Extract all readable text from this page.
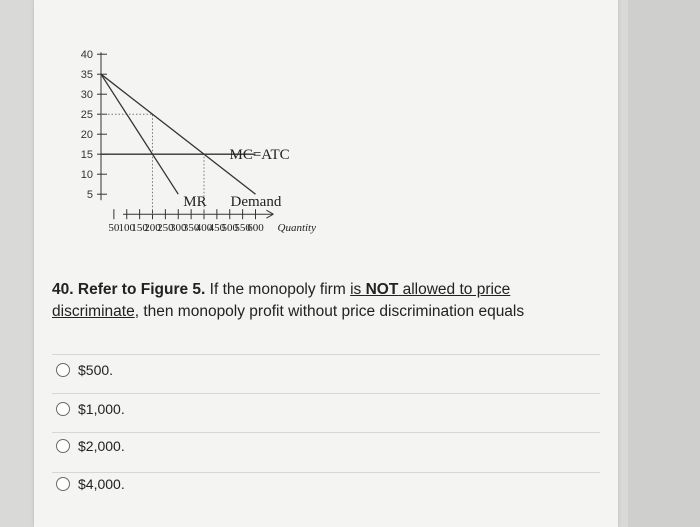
40
35
30
25
20
15
10
5
50 100
150
200
250
300
350
400
450
500
550
600 Quantity
Demand
MR
MC=ATC
40. Refer to Figure 5. If the monopoly firm is NOT allowed to price discriminate, then monopoly profit without price discrimination equals
$500.
$1,000.
$2,000.
$4,000.
